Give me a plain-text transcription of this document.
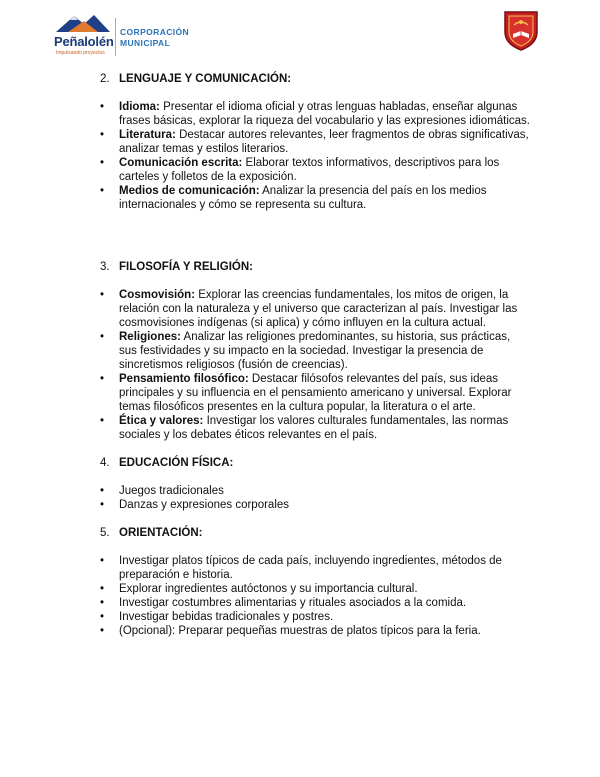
Peñalolén
Impulsando proyectos
CORPORACIÓN
MUNICIPAL
2. LENGUAJE Y COMUNICACIÓN:
• Idioma: Presentar el idioma oficial y otras lenguas habladas, enseñar algunas frases básicas, explorar la riqueza del vocabulario y las expresiones idiomáticas.
• Literatura: Destacar autores relevantes, leer fragmentos de obras significativas, analizar temas y estilos literarios.
• Comunicación escrita: Elaborar textos informativos, descriptivos para los carteles y folletos de la exposición.
• Medios de comunicación: Analizar la presencia del país en los medios internacionales y cómo se representa su cultura.
3. FILOSOFÍA Y RELIGIÓN:
• Cosmovisión: Explorar las creencias fundamentales, los mitos de origen, la relación con la naturaleza y el universo que caracterizan al país. Investigar las cosmovisiones indígenas (si aplica) y cómo influyen en la cultura actual.
• Religiones: Analizar las religiones predominantes, su historia, sus prácticas, sus festividades y su impacto en la sociedad. Investigar la presencia de sincretismos religiosos (fusión de creencias).
• Pensamiento filosófico: Destacar filósofos relevantes del país, sus ideas principales y su influencia en el pensamiento americano y universal. Explorar temas filosóficos presentes en la cultura popular, la literatura o el arte.
• Ética y valores: Investigar los valores culturales fundamentales, las normas sociales y los debates éticos relevantes en el país.
4. EDUCACIÓN FÍSICA:
• Juegos tradicionales
• Danzas y expresiones corporales
5. ORIENTACIÓN:
• Investigar platos típicos de cada país, incluyendo ingredientes, métodos de preparación e historia.
• Explorar ingredientes autóctonos y su importancia cultural.
• Investigar costumbres alimentarias y rituales asociados a la comida.
• Investigar bebidas tradicionales y postres.
• (Opcional): Preparar pequeñas muestras de platos típicos para la feria.
